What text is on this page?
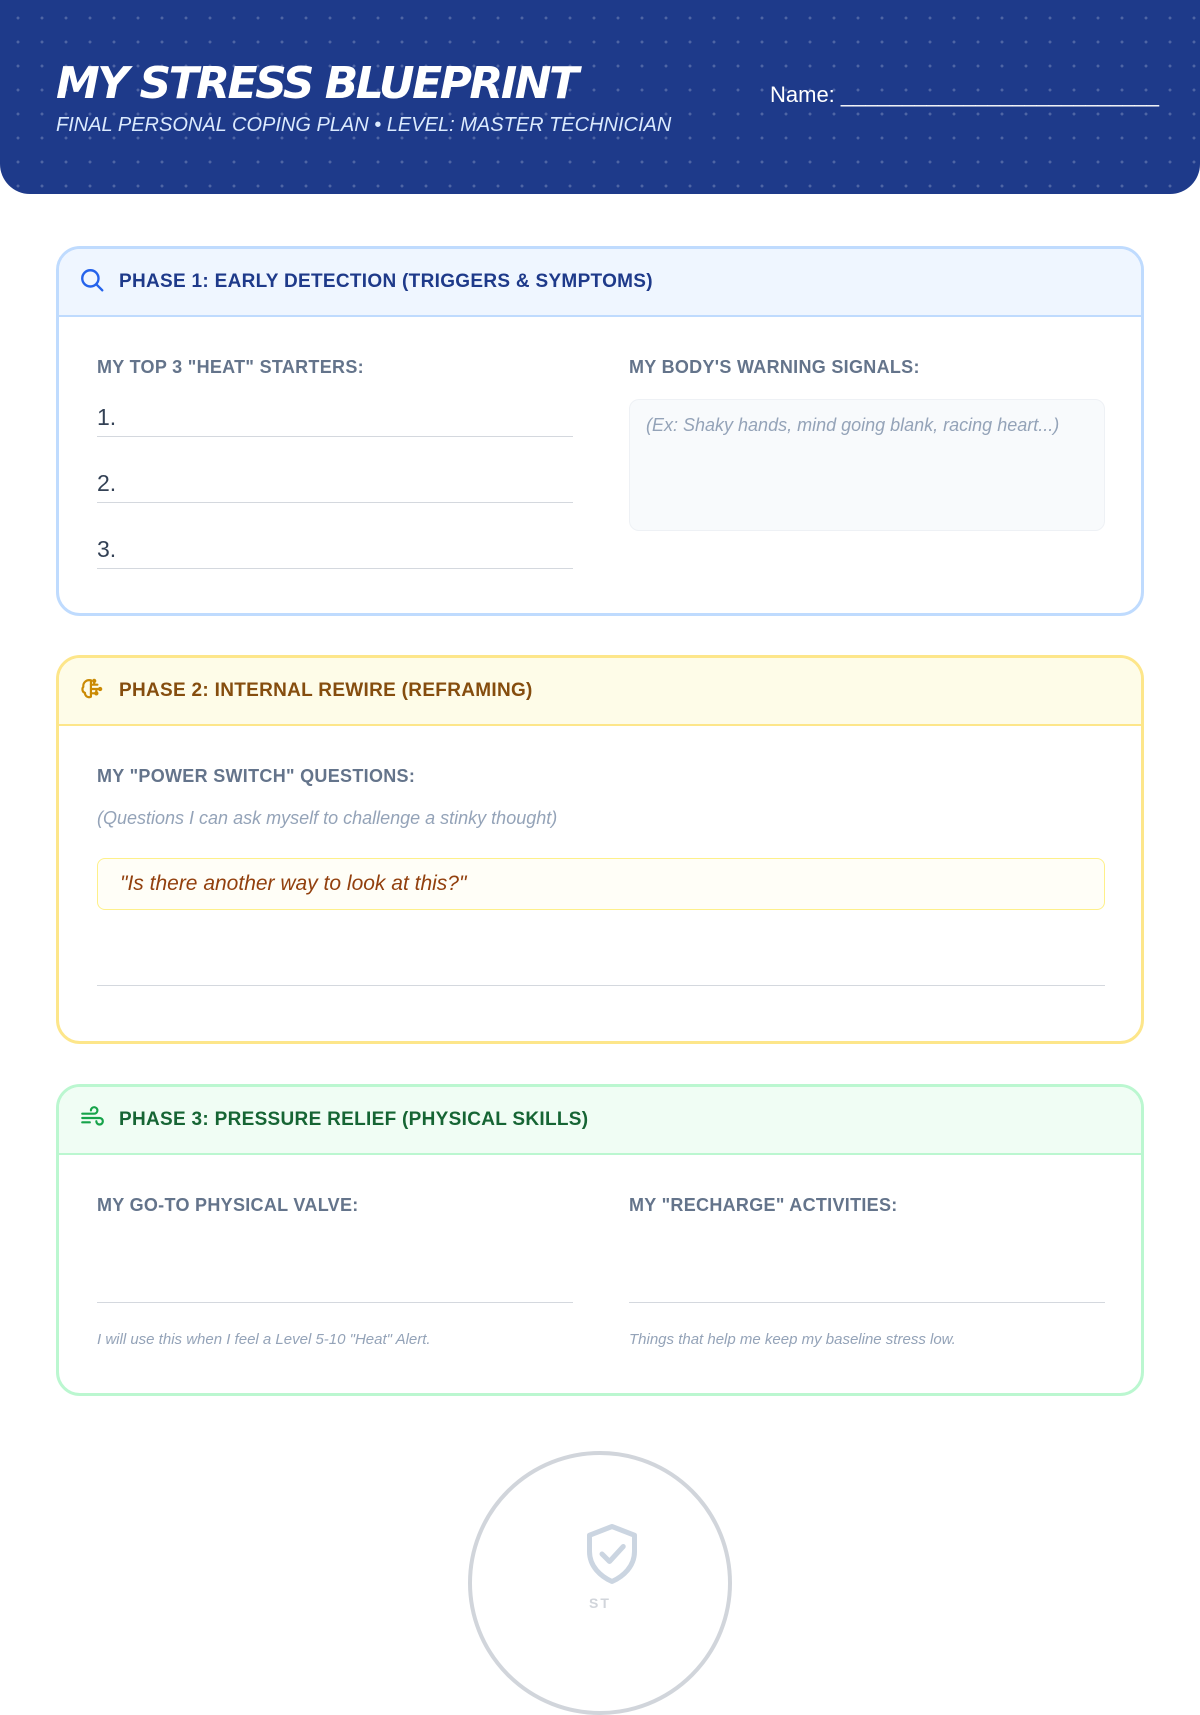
MY STRESS BLUEPRINT
FINAL PERSONAL COPING PLAN • LEVEL: MASTER TECHNICIAN
Name: __________________________
PHASE 1: EARLY DETECTION (TRIGGERS & SYMPTOMS)
MY TOP 3 "HEAT" STARTERS:
1.
2.
3.
MY BODY'S WARNING SIGNALS:
(Ex: Shaky hands, mind going blank, racing heart...)
PHASE 2: INTERNAL REWIRE (REFRAMING)
MY "POWER SWITCH" QUESTIONS:
(Questions I can ask myself to challenge a stinky thought)
"Is there another way to look at this?"
PHASE 3: PRESSURE RELIEF (PHYSICAL SKILLS)
MY GO-TO PHYSICAL VALVE:
I will use this when I feel a Level 5-10 "Heat" Alert.
MY "RECHARGE" ACTIVITIES:
Things that help me keep my baseline stress low.
ST
